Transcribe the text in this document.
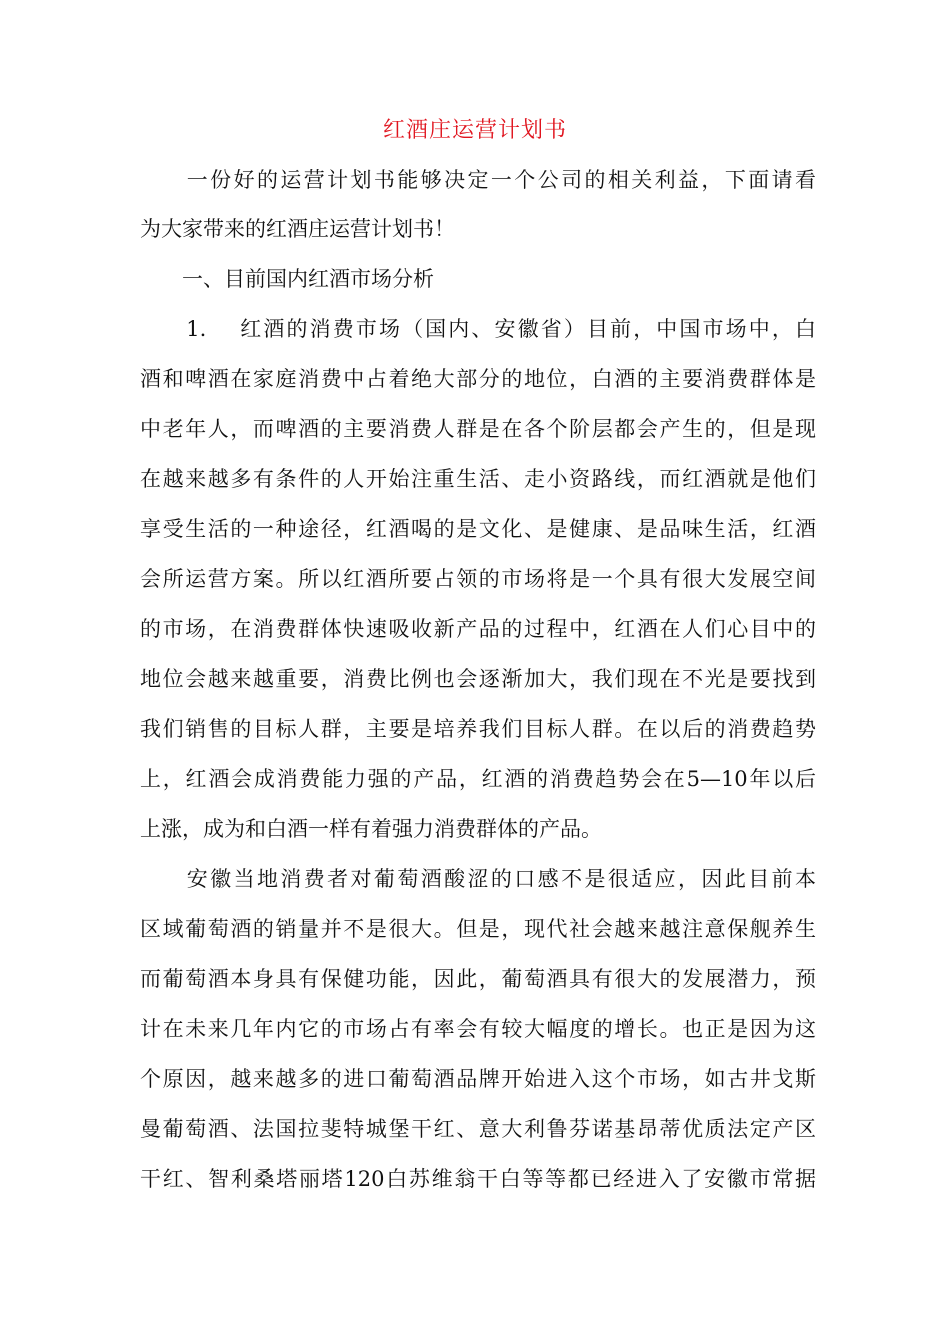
红酒庄运营计划书
　　一份好的运营计划书能够决定一个公司的相关利益，下面请看
为大家带来的红酒庄运营计划书！
　　一、目前国内红酒市场分析
　　1.　 红酒的消费市场（国内、安徽省）目前，中国市场中，白
酒和啤酒在家庭消费中占着绝大部分的地位，白酒的主要消费群体是
中老年人，而啤酒的主要消费人群是在各个阶层都会产生的，但是现
在越来越多有条件的人开始注重生活、走小资路线，而红酒就是他们
享受生活的一种途径，红酒喝的是文化、是健康、是品味生活，红酒
会所运营方案。所以红酒所要占领的市场将是一个具有很大发展空间
的市场，在消费群体快速吸收新产品的过程中，红酒在人们心目中的
地位会越来越重要，消费比例也会逐渐加大，我们现在不光是要找到
我们销售的目标人群，主要是培养我们目标人群。在以后的消费趋势
上，红酒会成消费能力强的产品，红酒的消费趋势会在5—10年以后
上涨，成为和白酒一样有着强力消费群体的产品。
　　安徽当地消费者对葡萄酒酸涩的口感不是很适应，因此目前本
区域葡萄酒的销量并不是很大。但是，现代社会越来越注意保舰养生
而葡萄酒本身具有保健功能，因此，葡萄酒具有很大的发展潜力，预
计在未来几年内它的市场占有率会有较大幅度的增长。也正是因为这
个原因，越来越多的进口葡萄酒品牌开始进入这个市场，如古井戈斯
曼葡萄酒、法国拉斐特城堡干红、意大利鲁芬诺基昂蒂优质法定产区
干红、智利桑塔丽塔120白苏维翁干白等等都已经进入了安徽市常据
